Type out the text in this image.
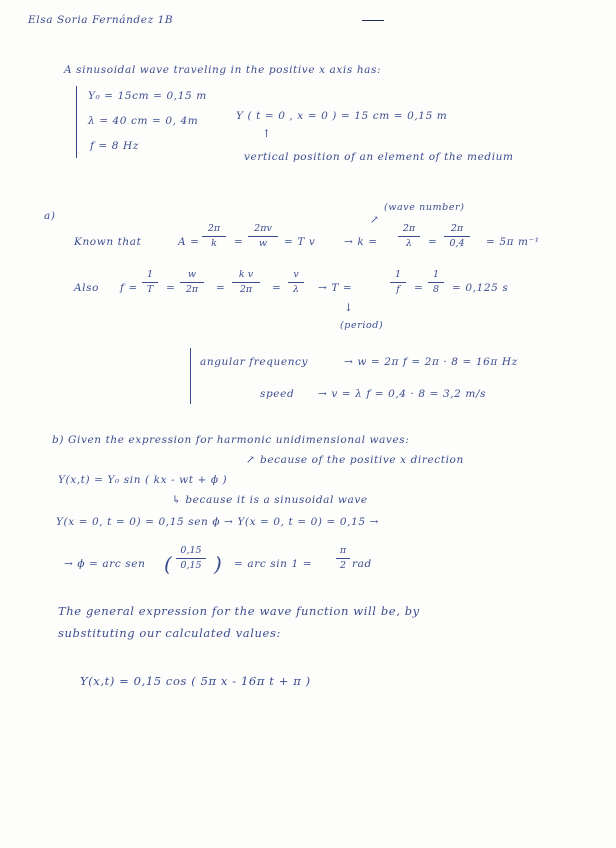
Elsa Soria Fernández 1B
A sinusoidal wave traveling in the positive x axis has:
Y₀ = 15cm = 0,15 m
λ = 40 cm = 0, 4m
f = 8 Hz
Y ( t = 0 , x = 0 ) = 15 cm = 0,15 m
↑
vertical position of an element of the medium
a)
(wave number)
↗
Known that	A =
2π
k =
2πv
w = T v	→ k =
2π
λ =
2π
0,4 = 5π m⁻¹
Also f =
1
T =
w
2π =
k v
2π =
v
λ → T =
1
f =
1
8 = 0,125 s
↓
(period)
angular frequency	→ w = 2π f = 2π · 8 = 16π Hz
speed → v = λ f = 0,4 · 8 = 3,2 m/s
b) Given the expression for harmonic unidimensional waves:
↗ because of the positive x direction
Y(x,t) = Y₀ sin ( kx - wt + ϕ )
↳ because it is a sinusoidal wave
Y(x = 0, t = 0) = 0,15 sen ϕ → Y(x = 0, t = 0) = 0,15 →
→ ϕ = arc sen (
0,15
0,15 ) = arc sin 1 =
π
2 rad
The general expression for the wave function will be, by
substituting our calculated values:
Y(x,t) = 0,15 cos ( 5π x - 16π t + π )
